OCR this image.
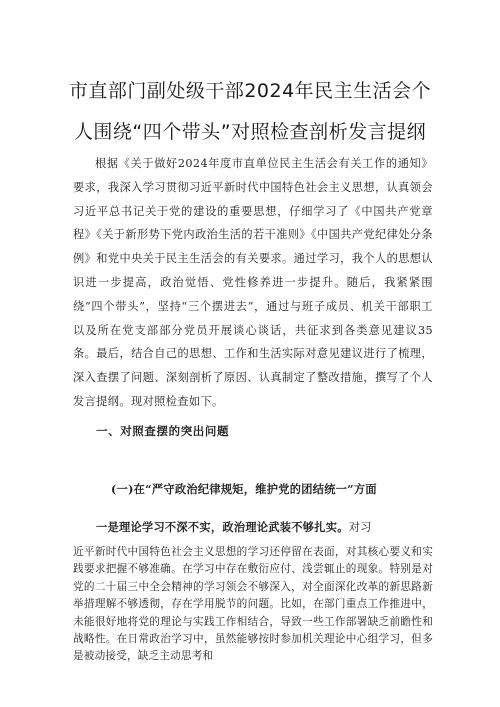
市直部门副处级干部2024年民主生活会个
人围绕“四个带头”对照检查剖析发言提纲
根据《关于做好2024年度市直单位民主生活会有关工作的通知》要求，我深入学习贯彻习近平新时代中国特色社会主义思想，认真领会习近平总书记关于党的建设的重要思想，仔细学习了《中国共产党章程》《关于新形势下党内政治生活的若干准则》《中国共产党纪律处分条例》和党中央关于民主生活会的有关要求。通过学习，我个人的思想认识进一步提高，政治觉悟、党性修养进一步提升。随后，我紧紧围绕“四个带头”，坚持“三个摆进去”，通过与班子成员、机关干部职工以及所在党支部部分党员开展谈心谈话，共征求到各类意见建议35条。最后，结合自己的思想、工作和生活实际对意见建议进行了梳理，深入查摆了问题、深刻剖析了原因、认真制定了整改措施，撰写了个人发言提纲。现对照检查如下。
一、对照查摆的突出问题
(一)在“严守政治纪律规矩，维护党的团结统一”方面
一是理论学习不深不实，政治理论武装不够扎实。对习
近平新时代中国特色社会主义思想的学习还停留在表面，对其核心要义和实践要求把握不够准确。在学习中存在敷衍应付、浅尝辄止的现象。特别是对党的二十届三中全会精神的学习领会不够深入，对全面深化改革的新思路新举措理解不够透彻，存在学用脱节的问题。比如，在部门重点工作推进中，未能很好地将党的理论与实践工作相结合，导致一些工作部署缺乏前瞻性和战略性。在日常政治学习中，虽然能够按时参加机关理论中心组学习，但多是被动接受，缺乏主动思考和
